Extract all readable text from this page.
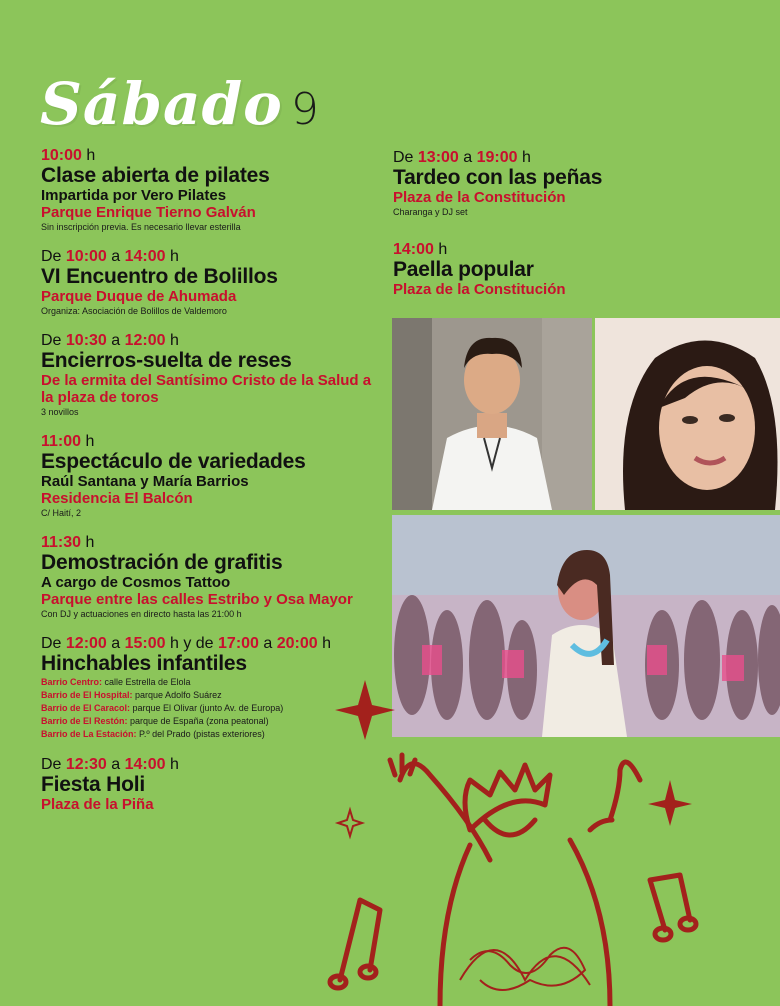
Sábado 9
10:00 h
Clase abierta de pilates
Impartida por Vero Pilates
Parque Enrique Tierno Galván
Sin inscripción previa. Es necesario llevar esterilla
De 10:00 a 14:00 h
VI Encuentro de Bolillos
Parque Duque de Ahumada
Organiza: Asociación de Bolillos de Valdemoro
De 10:30 a 12:00 h
Encierros-suelta de reses
De la ermita del Santísimo Cristo de la Salud a la plaza de toros
3 novillos
11:00 h
Espectáculo de variedades
Raúl Santana y María Barrios
Residencia El Balcón
C/ Haití, 2
11:30 h
Demostración de grafitis
A cargo de Cosmos Tattoo
Parque entre las calles Estribo y Osa Mayor
Con DJ y actuaciones en directo hasta las 21:00 h
De 12:00 a 15:00 h y de 17:00 a 20:00 h
Hinchables infantiles
Barrio Centro: calle Estrella de Elola
Barrio de El Hospital: parque Adolfo Suárez
Barrio de El Caracol: parque El Olivar (junto Av. de Europa)
Barrio de El Restón: parque de España (zona peatonal)
Barrio de La Estación: P.º del Prado (pistas exteriores)
De 12:30 a 14:00 h
Fiesta Holi
Plaza de la Piña
De 13:00 a 19:00 h
Tardeo con las peñas
Plaza de la Constitución
Charanga y DJ set
14:00 h
Paella popular
Plaza de la Constitución
